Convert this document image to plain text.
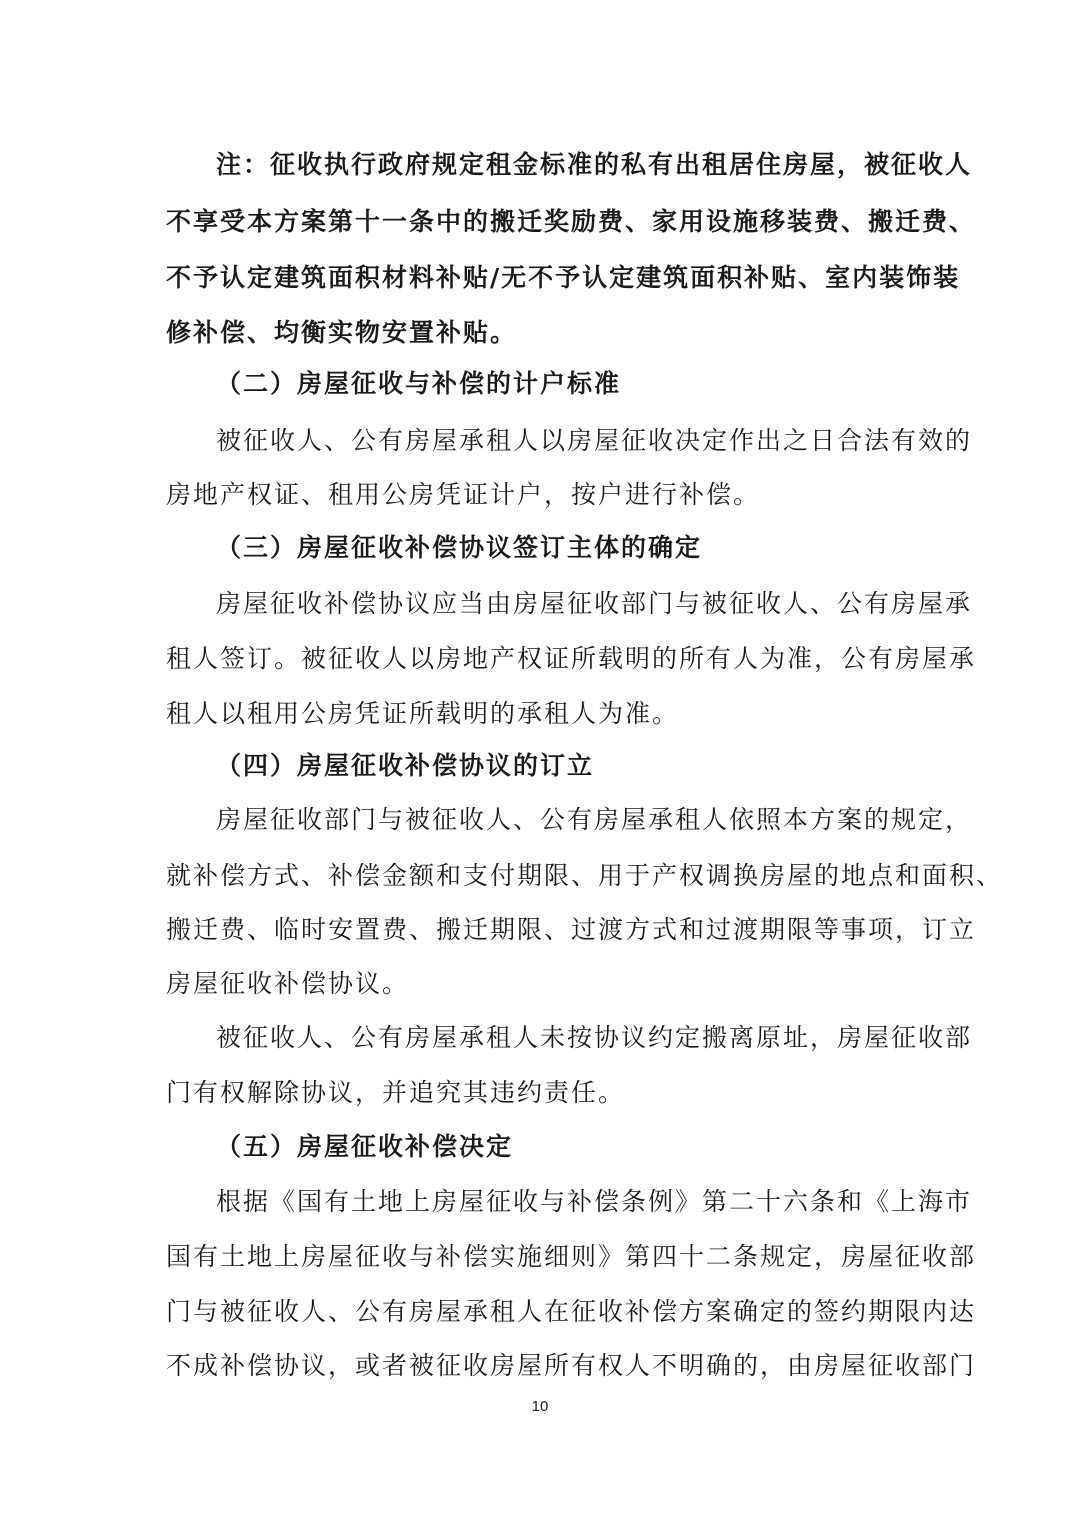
注：征收执行政府规定租金标准的私有出租居住房屋，被征收人
不享受本方案第十一条中的搬迁奖励费、家用设施移装费、搬迁费、
不予认定建筑面积材料补贴/无不予认定建筑面积补贴、室内装饰装
修补偿、均衡实物安置补贴。
（二）房屋征收与补偿的计户标准
被征收人、公有房屋承租人以房屋征收决定作出之日合法有效的
房地产权证、租用公房凭证计户，按户进行补偿。
（三）房屋征收补偿协议签订主体的确定
房屋征收补偿协议应当由房屋征收部门与被征收人、公有房屋承
租人签订。被征收人以房地产权证所载明的所有人为准，公有房屋承
租人以租用公房凭证所载明的承租人为准。
（四）房屋征收补偿协议的订立
房屋征收部门与被征收人、公有房屋承租人依照本方案的规定，
就补偿方式、补偿金额和支付期限、用于产权调换房屋的地点和面积、
搬迁费、临时安置费、搬迁期限、过渡方式和过渡期限等事项，订立
房屋征收补偿协议。
被征收人、公有房屋承租人未按协议约定搬离原址，房屋征收部
门有权解除协议，并追究其违约责任。
（五）房屋征收补偿决定
根据《国有土地上房屋征收与补偿条例》第二十六条和《上海市
国有土地上房屋征收与补偿实施细则》第四十二条规定，房屋征收部
门与被征收人、公有房屋承租人在征收补偿方案确定的签约期限内达
不成补偿协议，或者被征收房屋所有权人不明确的，由房屋征收部门
10
